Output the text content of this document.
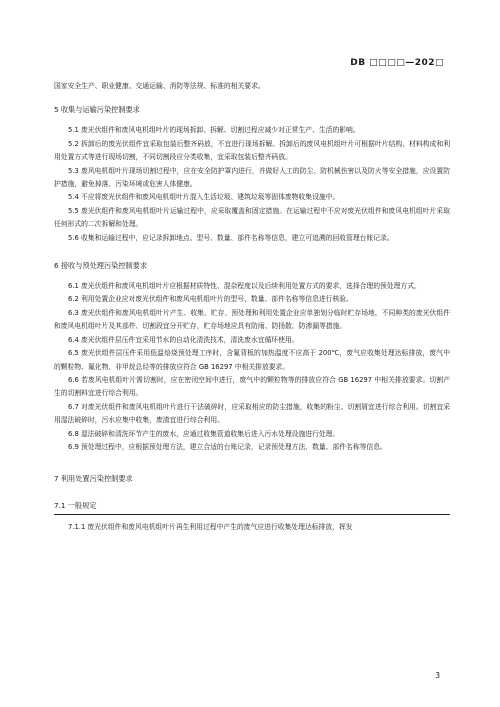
DB □□□□—202□

国家安全生产、职业健康、交通运输、消防等法规、标准的相关要求。

5 收集与运输污染控制要求

5.1 废光伏组件和废风电机组叶片的现场拆卸、拆解、切割过程应减少对正常生产、生活的影响。

5.2 拆卸后的废光伏组件宜采取包装后整齐码放，不宜进行现场拆解。拆卸后的废风电机组叶片可根据叶片结构、材料构成和利用处置方式等进行现场切割，不同切割段应分类收集，宜采取包装后整齐码放。

5.3 废风电机组叶片现场切割过程中，应在安全防护罩内进行，并做好人工的防尘、防机械伤害以及防火等安全措施，应设置防护措施，避免掉落、污染环境或危害人体健康。

5.4 不应将废光伏组件和废风电机组叶片混入生活垃圾、建筑垃圾等固体废物收集设施中。

5.5 废光伏组件和废风电机组叶片运输过程中，应采取覆盖和固定措施。在运输过程中不应对废光伏组件和废风电机组叶片采取任何形式的二次拆解和处理。

5.6 收集和运输过程中，应记录拆卸地点、型号、数量、部件名称等信息，建立可追溯的回收管理台账记录。

6 接收与预处理污染控制要求

6.1 废光伏组件和废风电机组叶片应根据材质特性、混杂程度以及后续利用处置方式的要求，选择合理的预处理方式。

6.2 利用处置企业应对废光伏组件和废风电机组叶片的型号、数量、部件名称等信息进行核验。

6.3 废光伏组件和废风电机组叶片产生、收集、贮存、预处理和利用处置企业应单独划分临时贮存场地，不同种类的废光伏组件和废风电机组叶片及其部件、切割段宜分开贮存，贮存场地应具有防雨、防扬散、防渗漏等措施。

6.4 废光伏组件层压件宜采用节水的自动化清洗技术，清洗废水宜循环使用。

6.5 废光伏组件层压件采用低温焙烧预处理工序时，含氟背板的加热温度不应高于 200℃，废气应收集处理达标排放，废气中的颗粒物、氟化物、非甲烷总烃等的排放应符合 GB 16297 中相关排放要求。

6.6 若废风电机组叶片需切割时，应在密闭空间中进行，废气中的颗粒物等的排放应符合 GB 16297 中相关排放要求。切割产生的切割料宜进行综合利用。

6.7 对废光伏组件和废风电机组叶片进行干法破碎时，应采取相应的防尘措施，收集的粉尘、切割屑宜进行综合利用。切割宜采用湿法破碎时，污水应集中收集，废渣宜进行综合利用。

6.8 湿法破碎和清洗环节产生的废水，应通过收集管道收集后进入污水处理设施进行处理。

6.9 预处理过程中，应根据预处理方法，建立合适的台账记录，记录预处理方法、数量、部件名称等信息。

7 利用处置污染控制要求

7.1 一般规定

7.1.1 废光伏组件和废风电机组叶片再生利用过程中产生的废气应进行收集处理达标排放，挥发

3
